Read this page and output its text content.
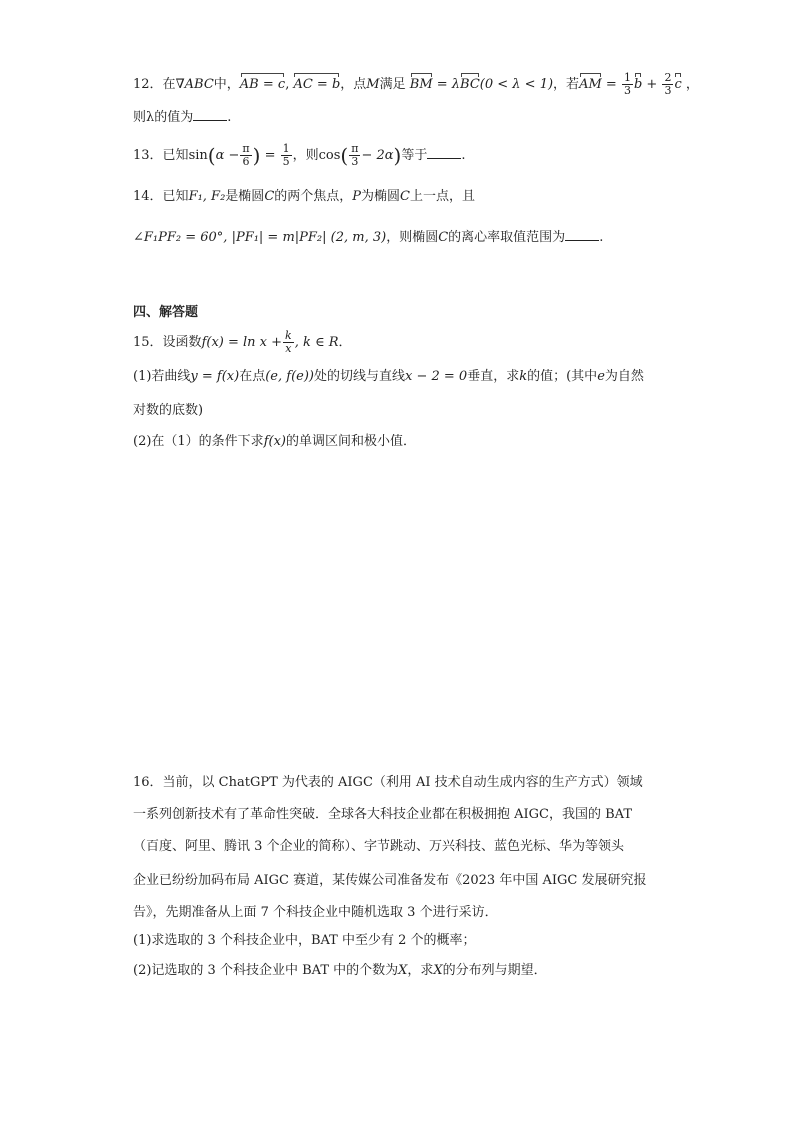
12．在∇ABC中，AB = c, AC = b，点M满足 BM = λBC(0 < λ < 1)，若AM = $\frac{1}{3}$ $b + \frac{2}{3}$ c ，
则λ的值为	.
13．已知$\sin(\alpha - \frac{\pi}{6}$ ) = $\frac{1}{5}$ ，则$\cos( \frac{\pi}{3} - 2\alpha)$等于	.
14．已知F₁, F₂是椭圆C的两个焦点，P为椭圆C上一点，且
∠F₁PF₂ = 60°, |PF₁| = m|PF₂| (2, m, 3)，则椭圆C的离心率取值范围为	.
四、解答题
15．设函数$f(x) = \ln x + \frac{k}{x}$ , k ∈ R．
(1)若曲线y = f(x)在点(e, f(e))处的切线与直线x − 2 = 0垂直，求k的值；(其中e为自然
对数的底数)
(2)在（1）的条件下求f(x)的单调区间和极小值．
16．当前，以 ChatGPT 为代表的 AIGC（利用 AI 技术自动生成内容的生产方式）领域
一系列创新技术有了革命性突破．全球各大科技企业都在积极拥抱 AIGC，我国的 BAT
（百度、阿里、腾讯 3 个企业的简称）、字节跳动、万兴科技、蓝色光标、华为等领头
企业已纷纷加码布局 AIGC 赛道，某传媒公司准备发布《2023 年中国 AIGC 发展研究报
告》，先期准备从上面 7 个科技企业中随机选取 3 个进行采访．
(1)求选取的 3 个科技企业中，BAT 中至少有 2 个的概率；
(2)记选取的 3 个科技企业中 BAT 中的个数为X，求X的分布列与期望．
